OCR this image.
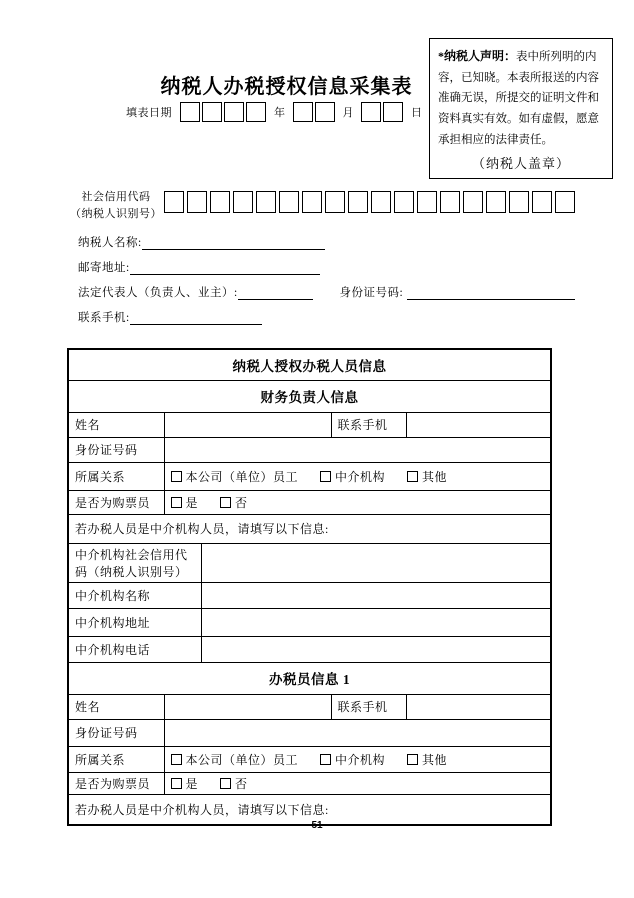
纳税人办税授权信息采集表
填表日期	年	月	日
*纳税人声明：表中所列明的内容，已知晓。本表所报送的内容准确无误，所提交的证明文件和资料真实有效。如有虚假，愿意承担相应的法律责任。
（纳税人盖章）
社会信用代码
（纳税人识别号）
纳税人名称:
邮寄地址:
法定代表人（负责人、业主）:	身份证号码:
联系手机:
纳税人授权办税人员信息				
财务负责人信息				
姓名			联系手机	
身份证号码				
所属关系	本公司（单位）员工 中介机构 其他			
是否为购票员	是 否			
若办税人员是中介机构人员，请填写以下信息:				
中介机构社会信用代码（纳税人识别号）				
中介机构名称				
中介机构地址				
中介机构电话				
办税员信息 1				
姓名			联系手机	
身份证号码				
所属关系	本公司（单位）员工 中介机构 其他			
是否为购票员	是 否			
若办税人员是中介机构人员，请填写以下信息:				
51
